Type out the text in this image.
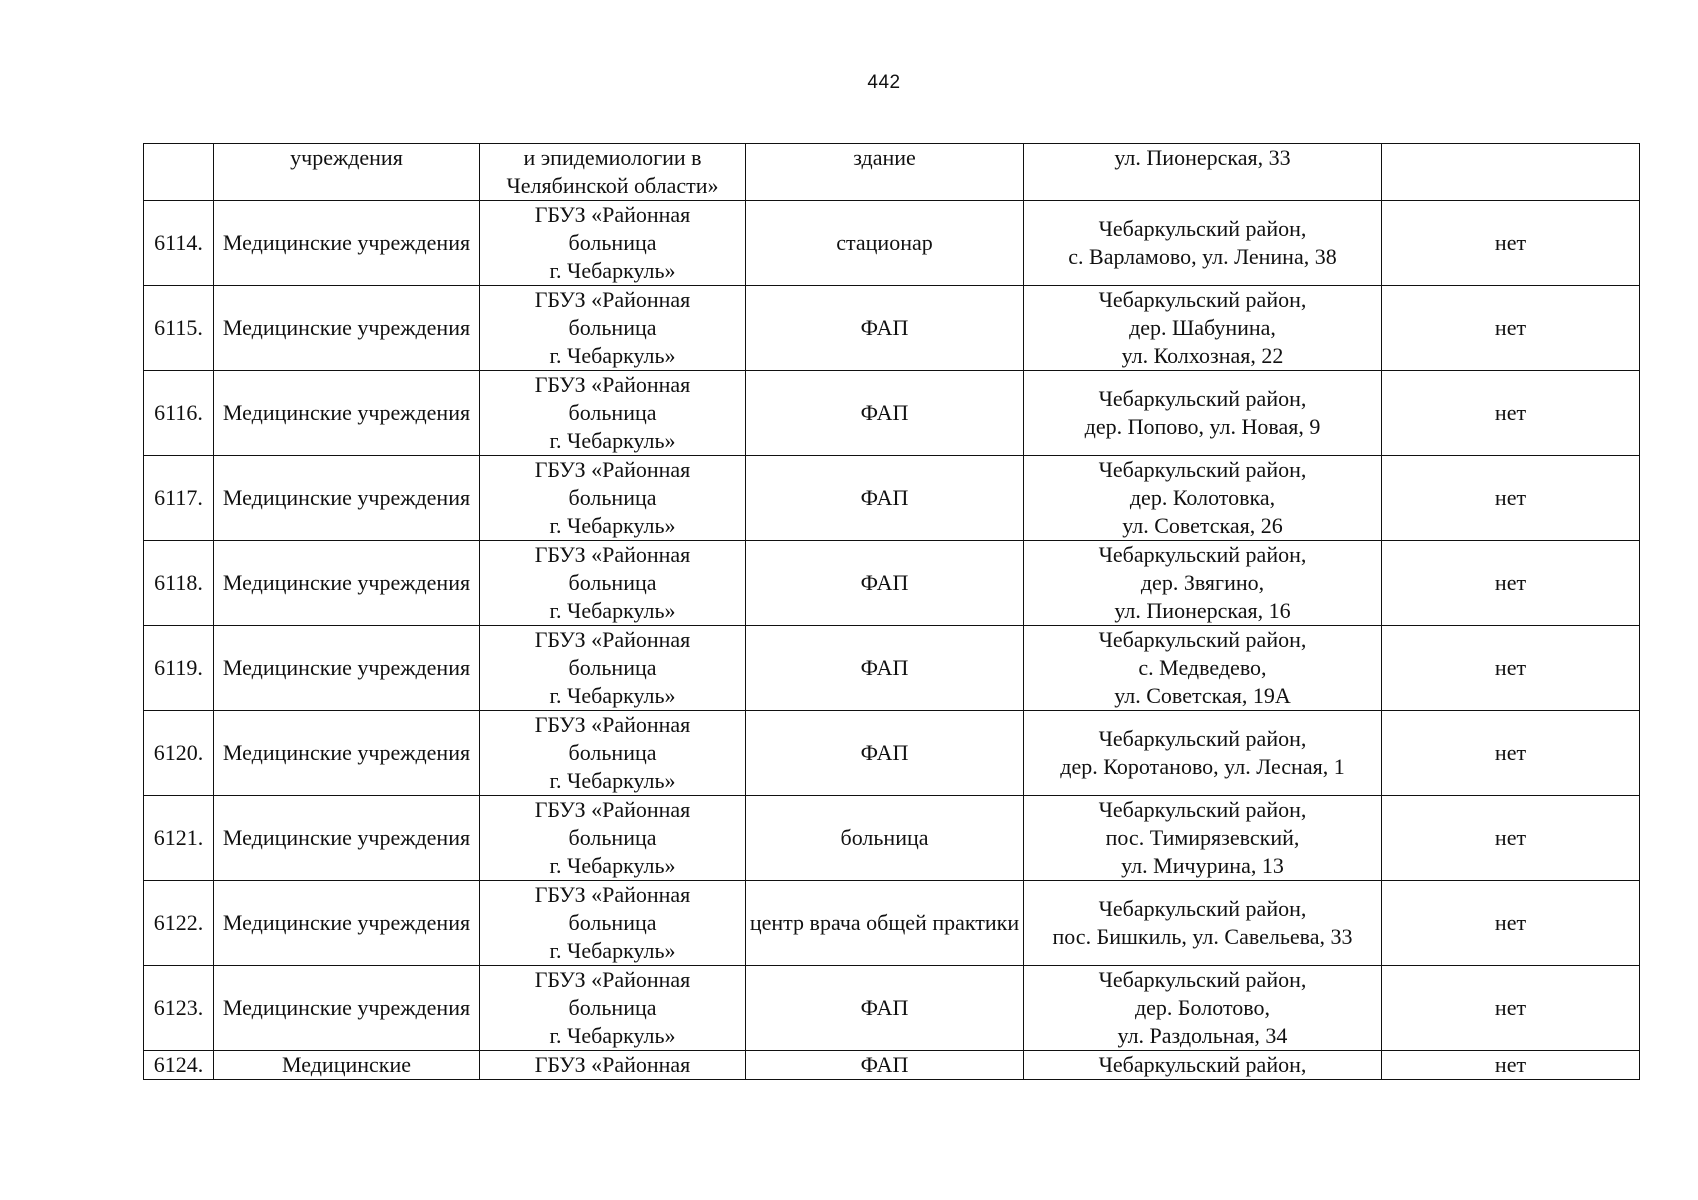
442
	учреждения	и эпидемиологии в
Челябинской области»	здание	ул. Пионерская, 33	

6114.	Медицинские учреждения	ГБУЗ «Районная
больница
г. Чебаркуль»	стационар	Чебаркульский район,
с. Варламово, ул. Ленина, 38	нет
6115.	Медицинские учреждения	ГБУЗ «Районная
больница
г. Чебаркуль»	ФАП	Чебаркульский район,
дер. Шабунина,
ул. Колхозная, 22	нет
6116.	Медицинские учреждения	ГБУЗ «Районная
больница
г. Чебаркуль»	ФАП	Чебаркульский район,
дер. Попово, ул. Новая, 9	нет
6117.	Медицинские учреждения	ГБУЗ «Районная
больница
г. Чебаркуль»	ФАП	Чебаркульский район,
дер. Колотовка,
ул. Советская, 26	нет
6118.	Медицинские учреждения	ГБУЗ «Районная
больница
г. Чебаркуль»	ФАП	Чебаркульский район,
дер. Звягино,
ул. Пионерская, 16	нет
6119.	Медицинские учреждения	ГБУЗ «Районная
больница
г. Чебаркуль»	ФАП	Чебаркульский район,
с. Медведево,
ул. Советская, 19А	нет
6120.	Медицинские учреждения	ГБУЗ «Районная
больница
г. Чебаркуль»	ФАП	Чебаркульский район,
дер. Коротаново, ул. Лесная, 1	нет
6121.	Медицинские учреждения	ГБУЗ «Районная
больница
г. Чебаркуль»	больница	Чебаркульский район,
пос. Тимирязевский,
ул. Мичурина, 13	нет
6122.	Медицинские учреждения	ГБУЗ «Районная
больница
г. Чебаркуль»	центр врача общей практики	Чебаркульский район,
пос. Бишкиль, ул. Савельева, 33	нет
6123.	Медицинские учреждения	ГБУЗ «Районная
больница
г. Чебаркуль»	ФАП	Чебаркульский район,
дер. Болотово,
ул. Раздольная, 34	нет
6124.	Медицинские	ГБУЗ «Районная	ФАП	Чебаркульский район,	нет
